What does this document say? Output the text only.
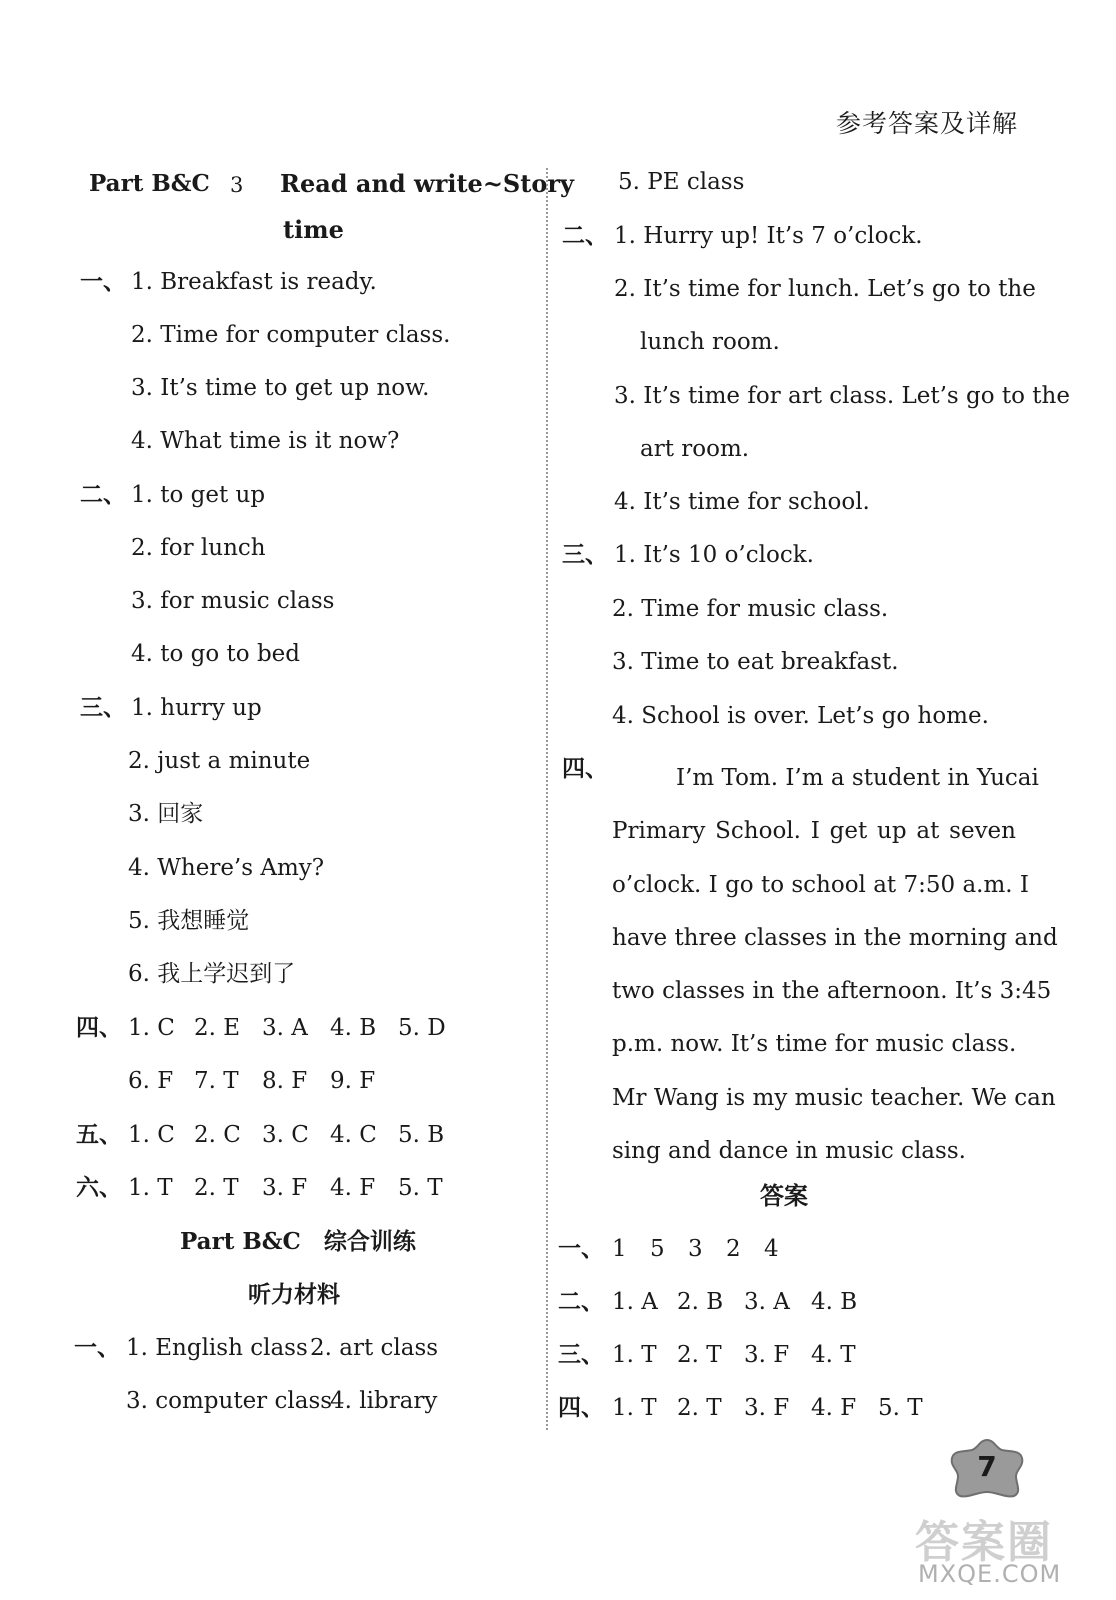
参考答案及详解
Part B&C 3 Read and write~Story
time
一、 1. Breakfast is ready.
2. Time for computer class.
3. It’s time to get up now.
4. What time is it now?
二、 1. to get up
2. for lunch
3. for music class
4. to go to bed
三、 1. hurry up
2. just a minute
3. 回家
4. Where’s Amy?
5. 我想睡觉
6. 我上学迟到了
四、 1. C 2. E 3. A 4. B 5. D
6. F 7. T 8. F 9. F
五、 1. C 2. C 3. C 4. C 5. B
六、 1. T 2. T 3. F 4. F 5. T
Part B&C　综合训练
听力材料
一、 1. English class 2. art class
3. computer class
4. library
5. PE class
二、 1. Hurry up! It’s 7 o’clock.
2. It’s time for lunch. Let’s go to the
lunch room.
3. It’s time for art class. Let’s go to the
art room.
4. It’s time for school.
三、 1. It’s 10 o’clock.
2. Time for music class.
3. Time to eat breakfast.
4. School is over. Let’s go home.
四、	I’m Tom. I’m a student in Yucai
Primary School. I get up at seven
o’clock. I go to school at 7:50 a.m. I
have three classes in the morning and
two classes in the afternoon. It’s 3:45
p.m. now. It’s time for music class.
Mr Wang is my music teacher. We can
sing and dance in music class.
答案
一、 1 5 3 2 4
二、 1. A 2. B 3. A 4. B
三、 1. T 2. T 3. F 4. T
四、 1. T 2. T 3. F 4. F 5. T
7
答案圈
MXQE.COM
